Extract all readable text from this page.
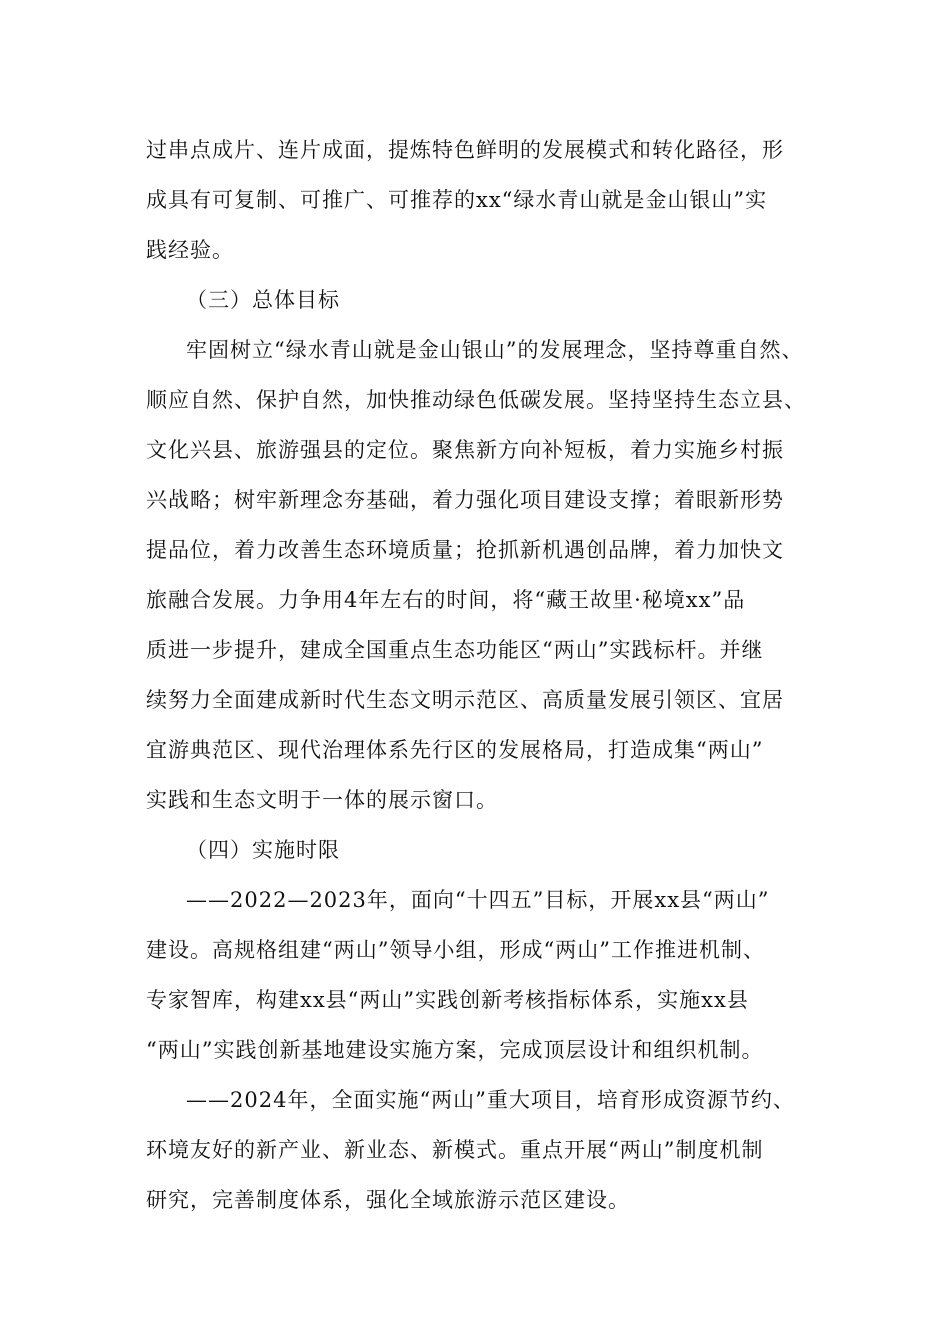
过串点成片、连片成面，提炼特色鲜明的发展模式和转化路径，形
成具有可复制、可推广、可推荐的xx“绿水青山就是金山银山”实
践经验。
（三）总体目标
牢固树立“绿水青山就是金山银山”的发展理念，坚持尊重自然、
顺应自然、保护自然，加快推动绿色低碳发展。坚持坚持生态立县、
文化兴县、旅游强县的定位。聚焦新方向补短板，着力实施乡村振
兴战略；树牢新理念夯基础，着力强化项目建设支撑；着眼新形势
提品位，着力改善生态环境质量；抢抓新机遇创品牌，着力加快文
旅融合发展。力争用4年左右的时间，将“藏王故里·秘境xx”品
质进一步提升，建成全国重点生态功能区“两山”实践标杆。并继
续努力全面建成新时代生态文明示范区、高质量发展引领区、宜居
宜游典范区、现代治理体系先行区的发展格局，打造成集“两山”
实践和生态文明于一体的展示窗口。
（四）实施时限
——2022—2023年，面向“十四五”目标，开展xx县“两山”
建设。高规格组建“两山”领导小组，形成“两山”工作推进机制、
专家智库，构建xx县“两山”实践创新考核指标体系，实施xx县
“两山”实践创新基地建设实施方案，完成顶层设计和组织机制。
——2024年，全面实施“两山”重大项目，培育形成资源节约、
环境友好的新产业、新业态、新模式。重点开展“两山”制度机制
研究，完善制度体系，强化全域旅游示范区建设。
